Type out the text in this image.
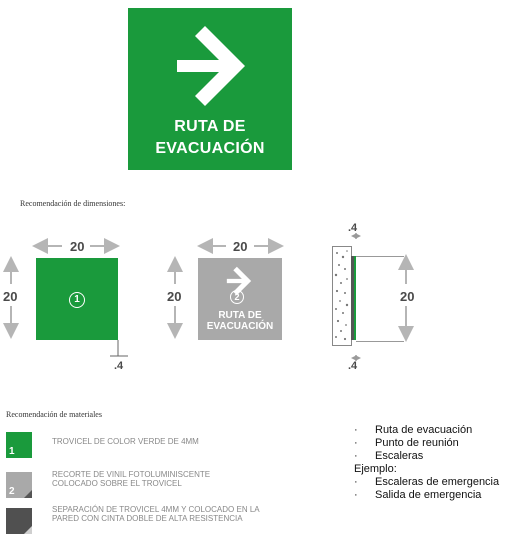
RUTA DE
EVACUACIÓN
Recomendación de dimensiones:
1
20
20
.4
2
RUTA DE
EVACUACIÓN
20
20
.4
.4
20
Recomendación de materiales
1
TROVICEL DE COLOR VERDE DE 4MM
2
RECORTE DE VINIL FOTOLUMINISCENTE COLOCADO SOBRE EL TROVICEL
SEPARACIÓN DE TROVICEL 4MM Y COLOCADO EN LA PARED CON CINTA DOBLE DE ALTA RESISTENCIA
· Ruta de evacuación
· Punto de reunión
· Escaleras
Ejemplo:
· Escaleras de emergencia
· Salida de emergencia
